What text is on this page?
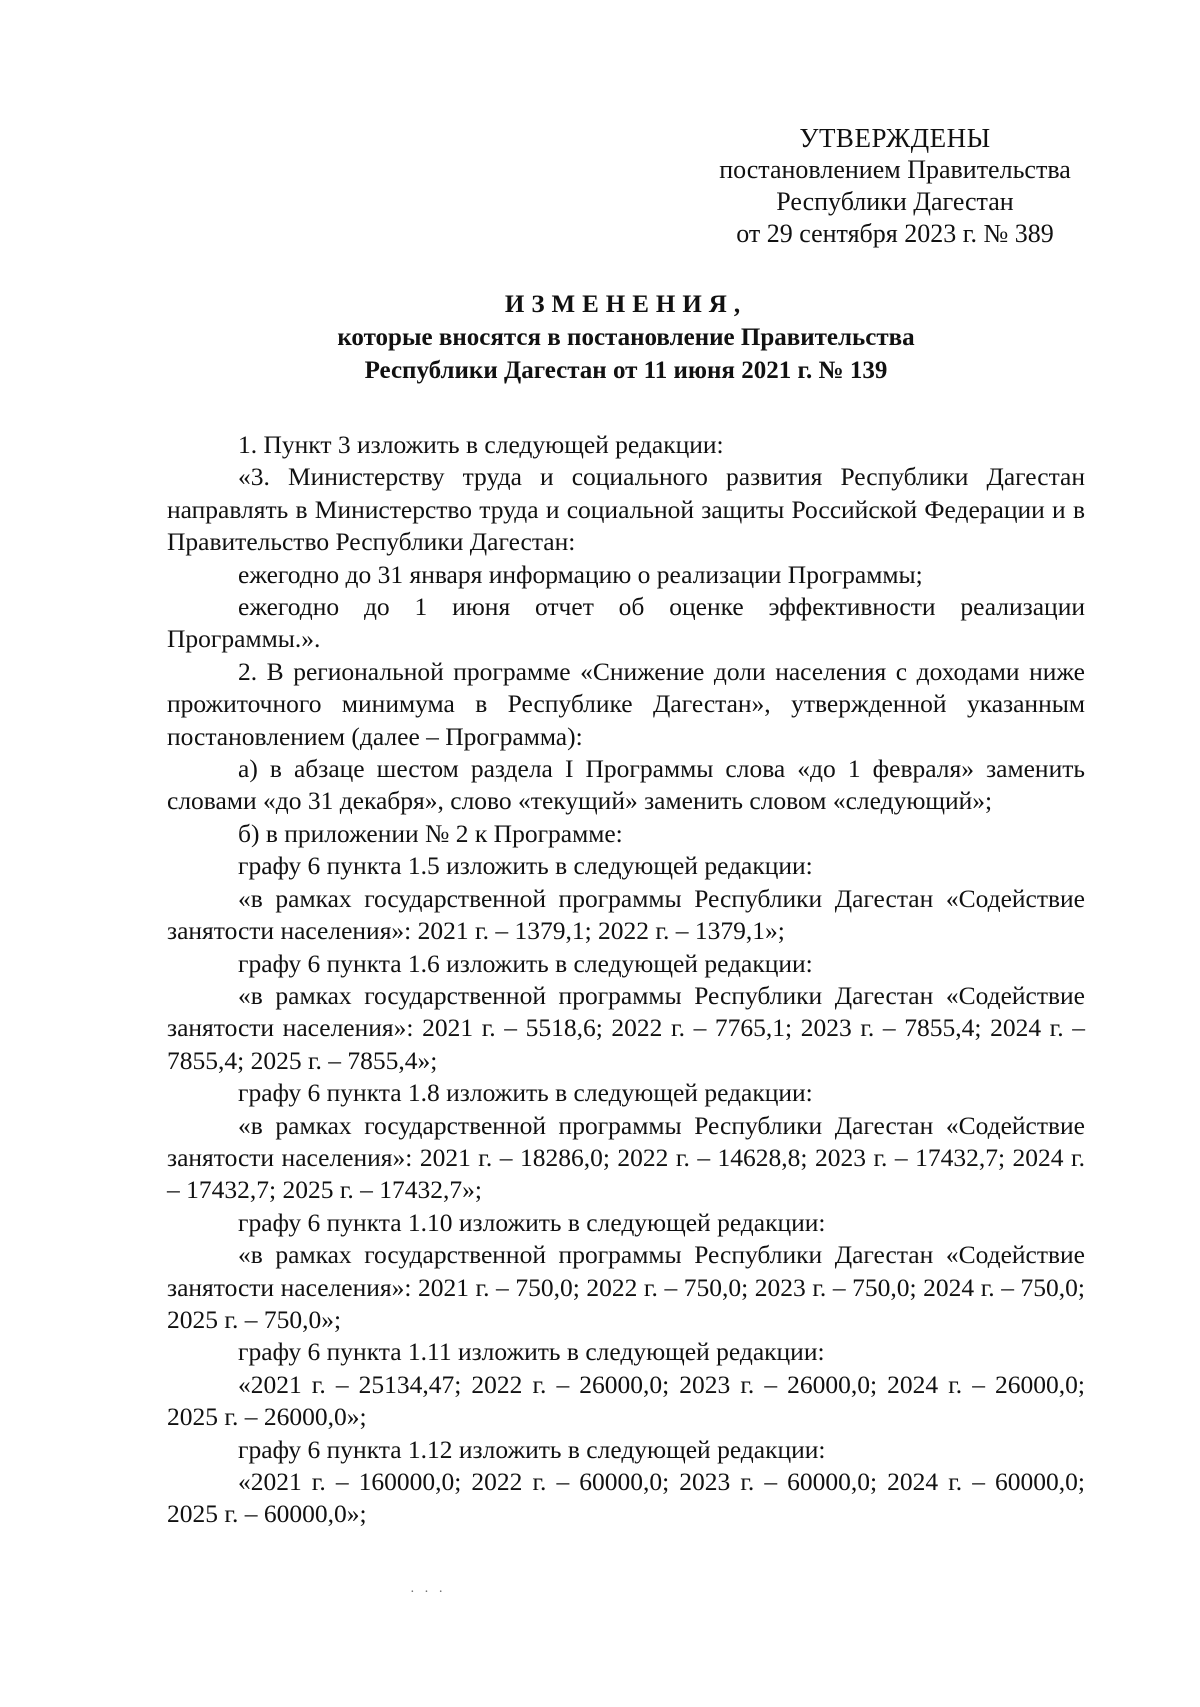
УТВЕРЖДЕНЫ
постановлением Правительства
Республики Дагестан
от 29 сентября 2023 г. № 389
ИЗМЕНЕНИЯ,
которые вносятся в постановление Правительства
Республики Дагестан от 11 июня 2021 г. № 139

1. Пункт 3 изложить в следующей редакции:

«3. Министерству труда и социального развития Республики Дагестан направлять в Министерство труда и социальной защиты Российской Федерации и в Правительство Республики Дагестан:

ежегодно до 31 января информацию о реализации Программы;

ежегодно до 1 июня отчет об оценке эффективности реализации Программы.».

2. В региональной программе «Снижение доли населения с доходами ниже прожиточного минимума в Республике Дагестан», утвержденной указанным постановлением (далее – Программа):

а) в абзаце шестом раздела I Программы слова «до 1 февраля» заменить словами «до 31 декабря», слово «текущий» заменить словом «следующий»;

б) в приложении № 2 к Программе:

графу 6 пункта 1.5 изложить в следующей редакции:

«в рамках государственной программы Республики Дагестан «Содействие занятости населения»: 2021 г. – 1379,1; 2022 г. – 1379,1»;

графу 6 пункта 1.6 изложить в следующей редакции:

«в рамках государственной программы Республики Дагестан «Содействие занятости населения»: 2021 г. – 5518,6; 2022 г. – 7765,1; 2023 г. – 7855,4; 2024 г. – 7855,4; 2025 г. – 7855,4»;

графу 6 пункта 1.8 изложить в следующей редакции:

«в рамках государственной программы Республики Дагестан «Содействие занятости населения»: 2021 г. – 18286,0; 2022 г. – 14628,8; 2023 г. – 17432,7; 2024 г. – 17432,7; 2025 г. – 17432,7»;

графу 6 пункта 1.10 изложить в следующей редакции:

«в рамках государственной программы Республики Дагестан «Содействие занятости населения»: 2021 г. – 750,0; 2022 г. – 750,0; 2023 г. – 750,0; 2024 г. – 750,0; 2025 г. – 750,0»;

графу 6 пункта 1.11 изложить в следующей редакции:

«2021 г. – 25134,47; 2022 г. – 26000,0; 2023 г. – 26000,0; 2024 г. – 26000,0; 2025 г. – 26000,0»;

графу 6 пункта 1.12 изложить в следующей редакции:

«2021 г. – 160000,0; 2022 г. – 60000,0; 2023 г. – 60000,0; 2024 г. – 60000,0; 2025 г. – 60000,0»;

· · ·
